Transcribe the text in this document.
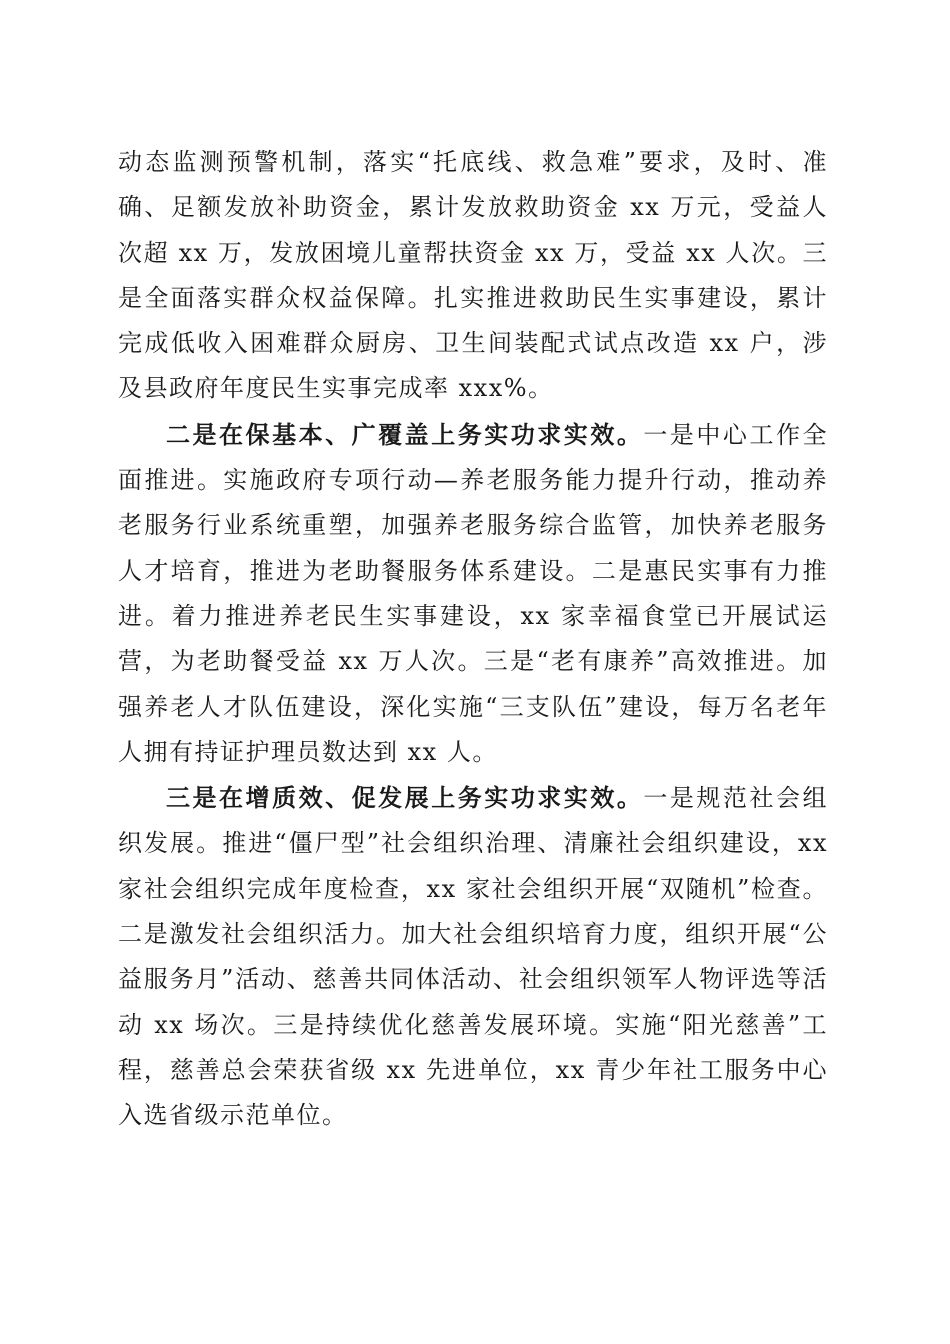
动态监测预警机制，落实“托底线、救急难”要求，及时、准确、足额发放补助资金，累计发放救助资金 xx 万元，受益人次超 xx 万，发放困境儿童帮扶资金 xx 万，受益 xx 人次。三是全面落实群众权益保障。扎实推进救助民生实事建设，累计完成低收入困难群众厨房、卫生间装配式试点改造 xx 户，涉及县政府年度民生实事完成率 xxx%。

二是在保基本、广覆盖上务实功求实效。一是中心工作全面推进。实施政府专项行动—养老服务能力提升行动，推动养老服务行业系统重塑，加强养老服务综合监管，加快养老服务人才培育，推进为老助餐服务体系建设。二是惠民实事有力推进。着力推进养老民生实事建设，xx 家幸福食堂已开展试运营，为老助餐受益 xx 万人次。三是“老有康养”高效推进。加强养老人才队伍建设，深化实施“三支队伍”建设，每万名老年人拥有持证护理员数达到 xx 人。

三是在增质效、促发展上务实功求实效。一是规范社会组织发展。推进“僵尸型”社会组织治理、清廉社会组织建设，xx 家社会组织完成年度检查，xx 家社会组织开展“双随机”检查。二是激发社会组织活力。加大社会组织培育力度，组织开展“公益服务月”活动、慈善共同体活动、社会组织领军人物评选等活动 xx 场次。三是持续优化慈善发展环境。实施“阳光慈善”工程，慈善总会荣获省级 xx 先进单位，xx 青少年社工服务中心入选省级示范单位。
